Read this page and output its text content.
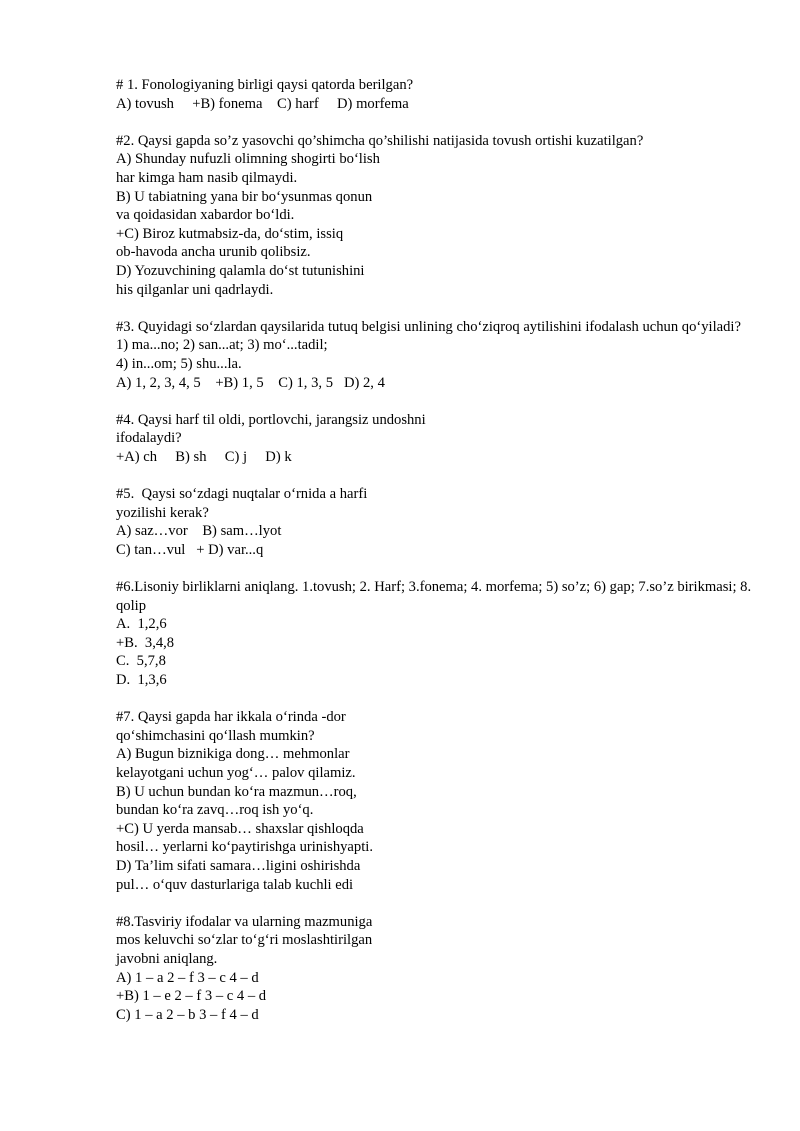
# 1. Fonologiyaning birligi qaysi qatorda berilgan?
A) tovush     +B) fonema    C) harf     D) morfema
#2. Qaysi gapda so’z yasovchi qo’shimcha qo’shilishi natijasida tovush ortishi kuzatilgan?
A) Shunday nufuzli olimning shogirti bo‘lish
har kimga ham nasib qilmaydi.
B) U tabiatning yana bir bo‘ysunmas qonun
va qoidasidan xabardor bo‘ldi.
+C) Biroz kutmabsiz-da, do‘stim, issiq
ob-havoda ancha urunib qolibsiz.
D) Yozuvchining qalamla do‘st tutunishini
his qilganlar uni qadrlaydi.
#3. Quyidagi so‘zlardan qaysilarida tutuq belgisi unlining cho‘ziqroq aytilishini ifodalash uchun qo‘yiladi?
1) ma...no; 2) san...at; 3) mo‘...tadil;
4) in...om; 5) shu...la.
A) 1, 2, 3, 4, 5    +B) 1, 5    C) 1, 3, 5   D) 2, 4
#4. Qaysi harf til oldi, portlovchi, jarangsiz undoshni
ifodalaydi?
+A) ch     B) sh     C) j     D) k
#5.  Qaysi so‘zdagi nuqtalar o‘rnida a harfi
yozilishi kerak?
A) saz…vor    B) sam…lyot
C) tan…vul   + D) var...q
#6.Lisoniy birliklarni aniqlang. 1.tovush; 2. Harf; 3.fonema; 4. morfema; 5) so’z; 6) gap; 7.so’z birikmasi; 8. qolip
A.  1,2,6
+B.  3,4,8
C.  5,7,8
D.  1,3,6
#7. Qaysi gapda har ikkala o‘rinda -dor
qo‘shimchasini qo‘llash mumkin?
A) Bugun biznikiga dong… mehmonlar
kelayotgani uchun yog‘… palov qilamiz.
B) U uchun bundan ko‘ra mazmun…roq,
bundan ko‘ra zavq…roq ish yo‘q.
+C) U yerda mansab… shaxslar qishloqda
hosil… yerlarni ko‘paytirishga urinishyapti.
D) Ta’lim sifati samara…ligini oshirishda
pul… o‘quv dasturlariga talab kuchli edi
#8.Tasviriy ifodalar va ularning mazmuniga
mos keluvchi so‘zlar to‘g‘ri moslashtirilgan
javobni aniqlang.
A) 1 – a 2 – f 3 – c 4 – d
+B) 1 – e 2 – f 3 – c 4 – d
C) 1 – a 2 – b 3 – f 4 – d
